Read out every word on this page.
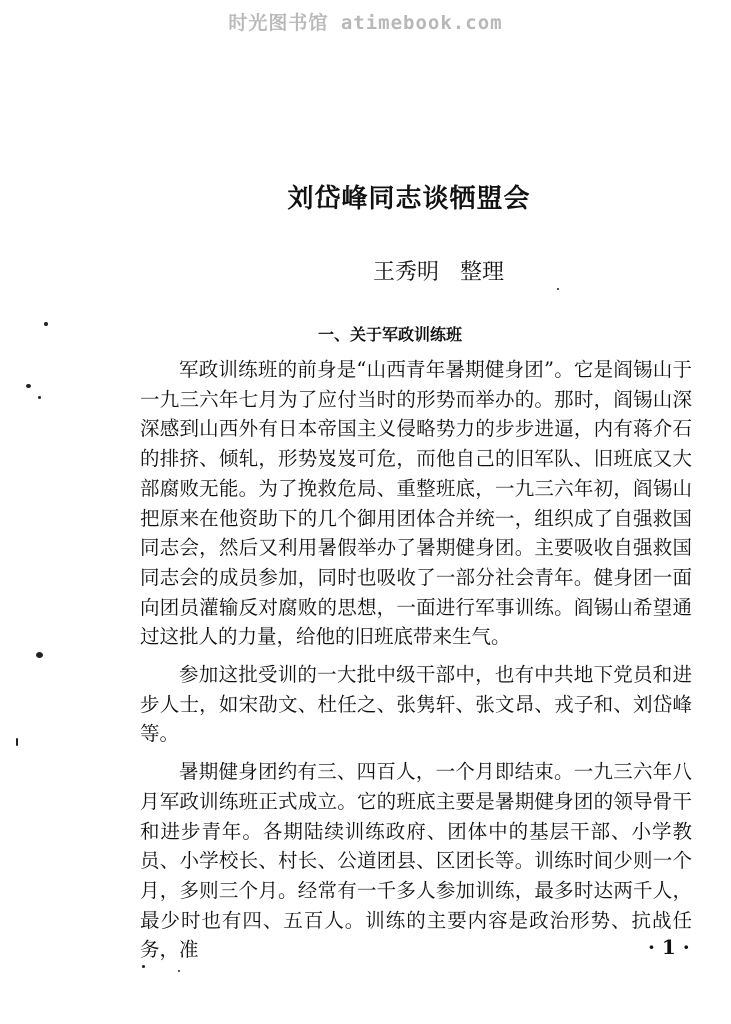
时光图书馆 atimebook.com
刘岱峰同志谈牺盟会
王秀明   整理
一、关于军政训练班

军政训练班的前身是“山西青年暑期健身团”。它是阎锡山于一九三六年七月为了应付当时的形势而举办的。那时，阎锡山深深感到山西外有日本帝国主义侵略势力的步步进逼，内有蒋介石的排挤、倾轧，形势岌岌可危，而他自己的旧军队、旧班底又大部腐败无能。为了挽救危局、重整班底，一九三六年初，阎锡山把原来在他资助下的几个御用团体合并统一，组织成了自强救国同志会，然后又利用暑假举办了暑期健身团。主要吸收自强救国同志会的成员参加，同时也吸收了一部分社会青年。健身团一面向团员灌输反对腐败的思想，一面进行军事训练。阎锡山希望通过这批人的力量，给他的旧班底带来生气。

参加这批受训的一大批中级干部中，也有中共地下党员和进步人士，如宋劭文、杜任之、张隽轩、张文昂、戎子和、刘岱峰等。

暑期健身团约有三、四百人，一个月即结束。一九三六年八月军政训练班正式成立。它的班底主要是暑期健身团的领导骨干和进步青年。各期陆续训练政府、团体中的基层干部、小学教员、小学校长、村长、公道团县、区团长等。训练时间少则一个月，多则三个月。经常有一千多人参加训练，最多时达两千人，最少时也有四、五百人。训练的主要内容是政治形势、抗战任务，准	· 1 ·
